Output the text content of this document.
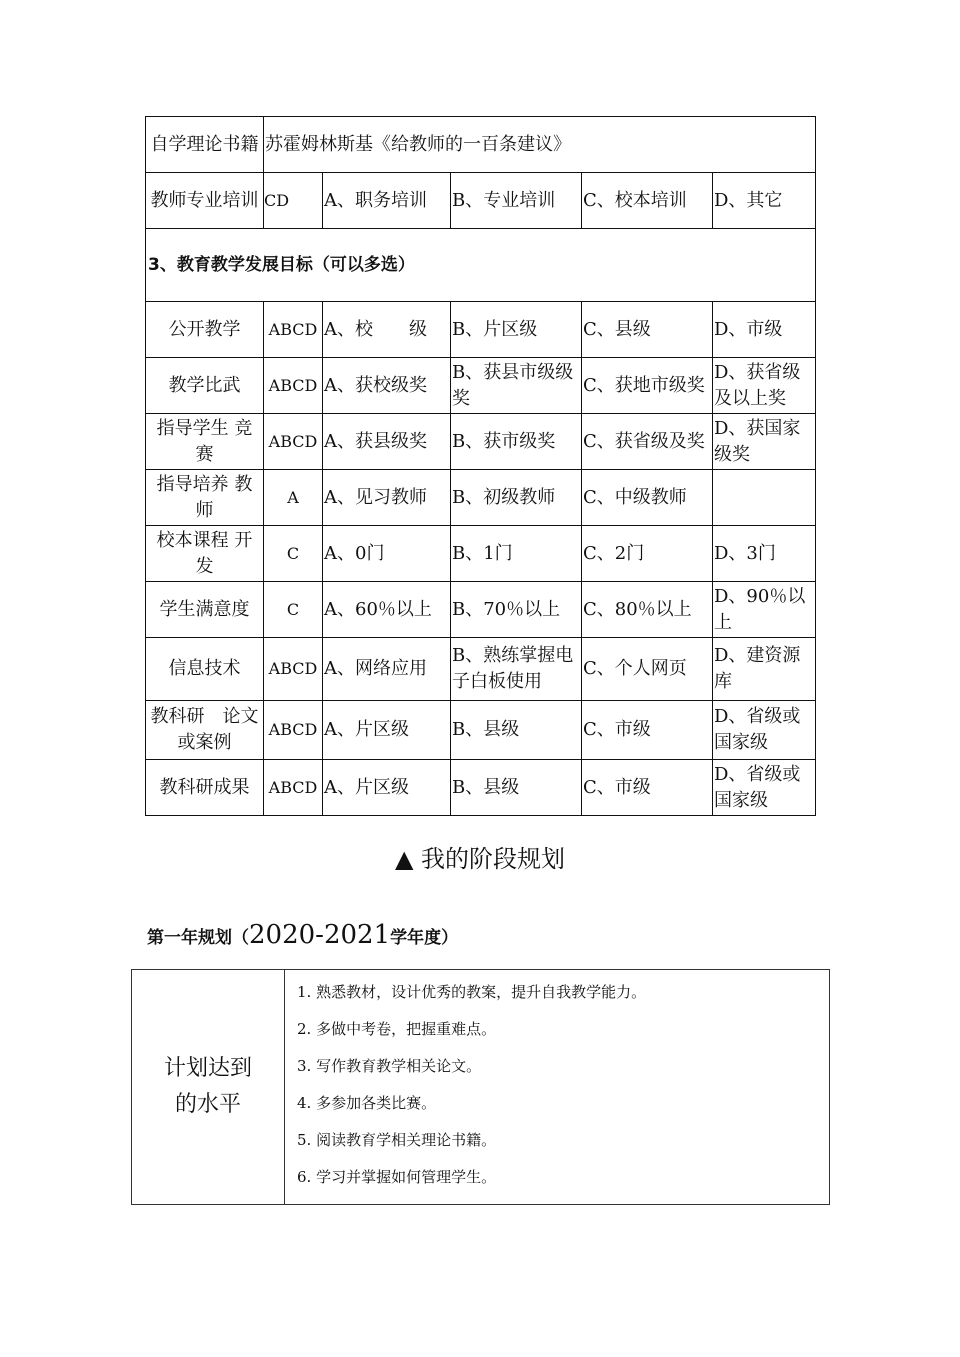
自学理论书籍	苏霍姆林斯基《给教师的一百条建议》				
教师专业培训	CD	A、职务培训	B、专业培训	C、校本培训	D、其它
3、教育教学发展目标（可以多选）					
公开教学	ABCD	A、校　　级	B、片区级	C、县级	D、市级
教学比武	ABCD	A、获校级奖	B、获县市级级奖	C、获地市级奖	D、获省级及以上奖
指导学生 竞赛	ABCD	A、获县级奖	B、获市级奖	C、获省级及奖	D、获国家级奖
指导培养 教师	A	A、见习教师	B、初级教师	C、中级教师	
校本课程 开发	C	A、0门	B、1门	C、2门	D、3门
学生满意度	C	A、60％以上	B、70％以上	C、80％以上	D、90％以上
信息技术	ABCD	A、网络应用	B、熟练掌握电子白板使用	C、个人网页	D、建资源库
教科研　论文或案例	ABCD	A、片区级	B、县级	C、市级	D、省级或国家级
教科研成果	ABCD	A、片区级	B、县级	C、市级	D、省级或国家级
▲ 我的阶段规划
第一年规划（2020-2021学年度）
计划达到的水平

1. 熟悉教材，设计优秀的教案，提升自我教学能力。
2. 多做中考卷，把握重难点。
3. 写作教育教学相关论文。
4. 多参加各类比赛。
5. 阅读教育学相关理论书籍。
6. 学习并掌握如何管理学生。
